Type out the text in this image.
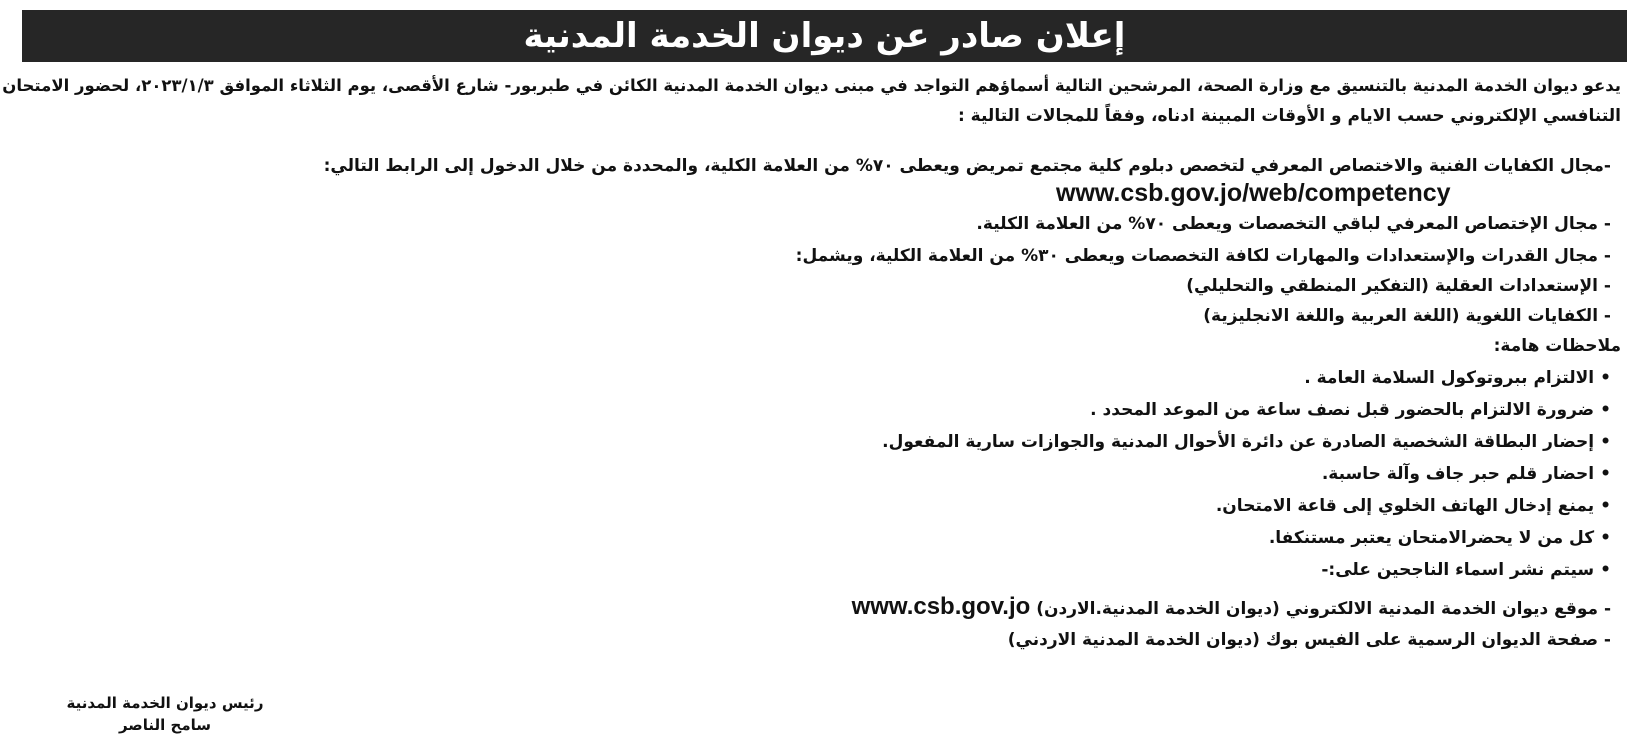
إعلان صادر عن ديوان الخدمة المدنية
يدعو ديوان الخدمة المدنية بالتنسيق مع وزارة الصحة، المرشحين التالية أسماؤهم التواجد في مبنى ديوان الخدمة المدنية الكائن في طبربور- شارع الأقصى، يوم الثلاثاء الموافق ٢٠٢٣/١/٣، لحضور الامتحان
التنافسي الإلكتروني حسب الايام و الأوقات المبينة ادناه، وفقاً للمجالات التالية :
-مجال الكفايات الفنية والاختصاص المعرفي لتخصص دبلوم كلية مجتمع تمريض ويعطى ٧٠% من العلامة الكلية، والمحددة من خلال الدخول إلى الرابط التالي:
www.csb.gov.jo/web/competency
- مجال الإختصاص المعرفي لباقي التخصصات ويعطى ٧٠% من العلامة الكلية.
- مجال القدرات والإستعدادات والمهارات لكافة التخصصات ويعطى ٣٠% من العلامة الكلية، ويشمل:
- الإستعدادات العقلية (التفكير المنطقي والتحليلي)
- الكفايات اللغوية (اللغة العربية واللغة الانجليزية)
ملاحظات هامة:
•الالتزام ببروتوكول السلامة العامة .
•ضرورة الالتزام بالحضور قبل نصف ساعة من الموعد المحدد .
•إحضار البطاقة الشخصية الصادرة عن دائرة الأحوال المدنية والجوازات سارية المفعول.
•احضار قلم حبر جاف وآلة حاسبة.
•يمنع إدخال الهاتف الخلوي إلى قاعة الامتحان.
•كل من لا يحضرالامتحان يعتبر مستنكفا.
•سيتم نشر اسماء الناجحين على:-
- موقع ديوان الخدمة المدنية الالكتروني (ديوان الخدمة المدنية.الاردن) www.csb.gov.jo
- صفحة الديوان الرسمية على الفيس بوك (ديوان الخدمة المدنية الاردني)
رئيس ديوان الخدمة المدنية
سامح الناصر
